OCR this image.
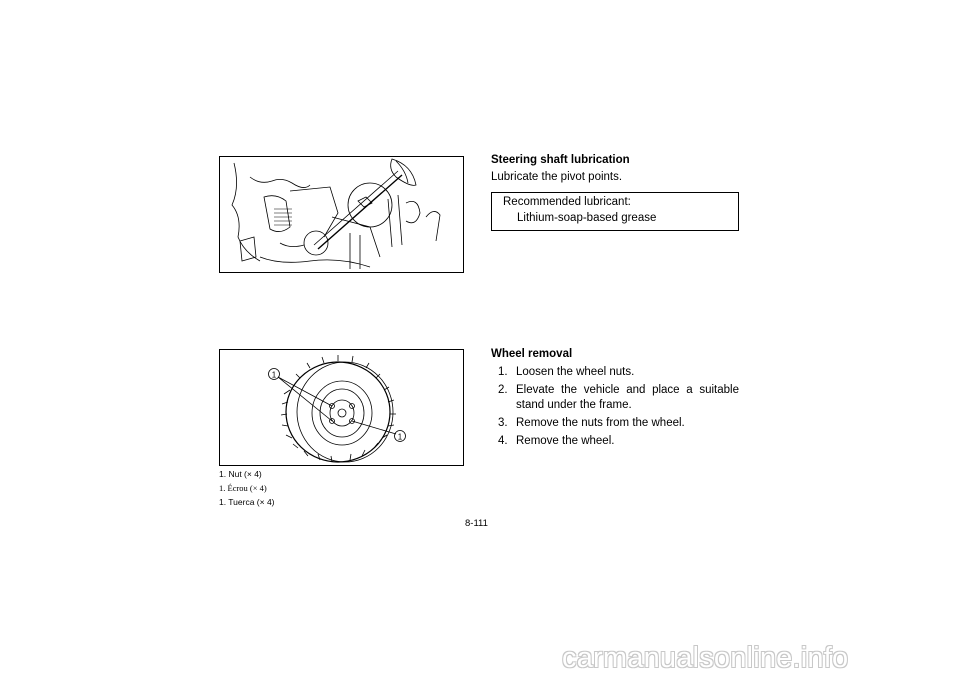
1
1
1. Nut (× 4)
1. Écrou (× 4)
1. Tuerca (× 4)
Steering shaft lubrication
Lubricate the pivot points.
Recommended lubricant:
Lithium-soap-based grease
Wheel removal
1. Loosen the wheel nuts.
2. Elevate the vehicle and place a suitable stand under the frame.
3. Remove the nuts from the wheel.
4. Remove the wheel.
8-111
carmanualsonline.info
